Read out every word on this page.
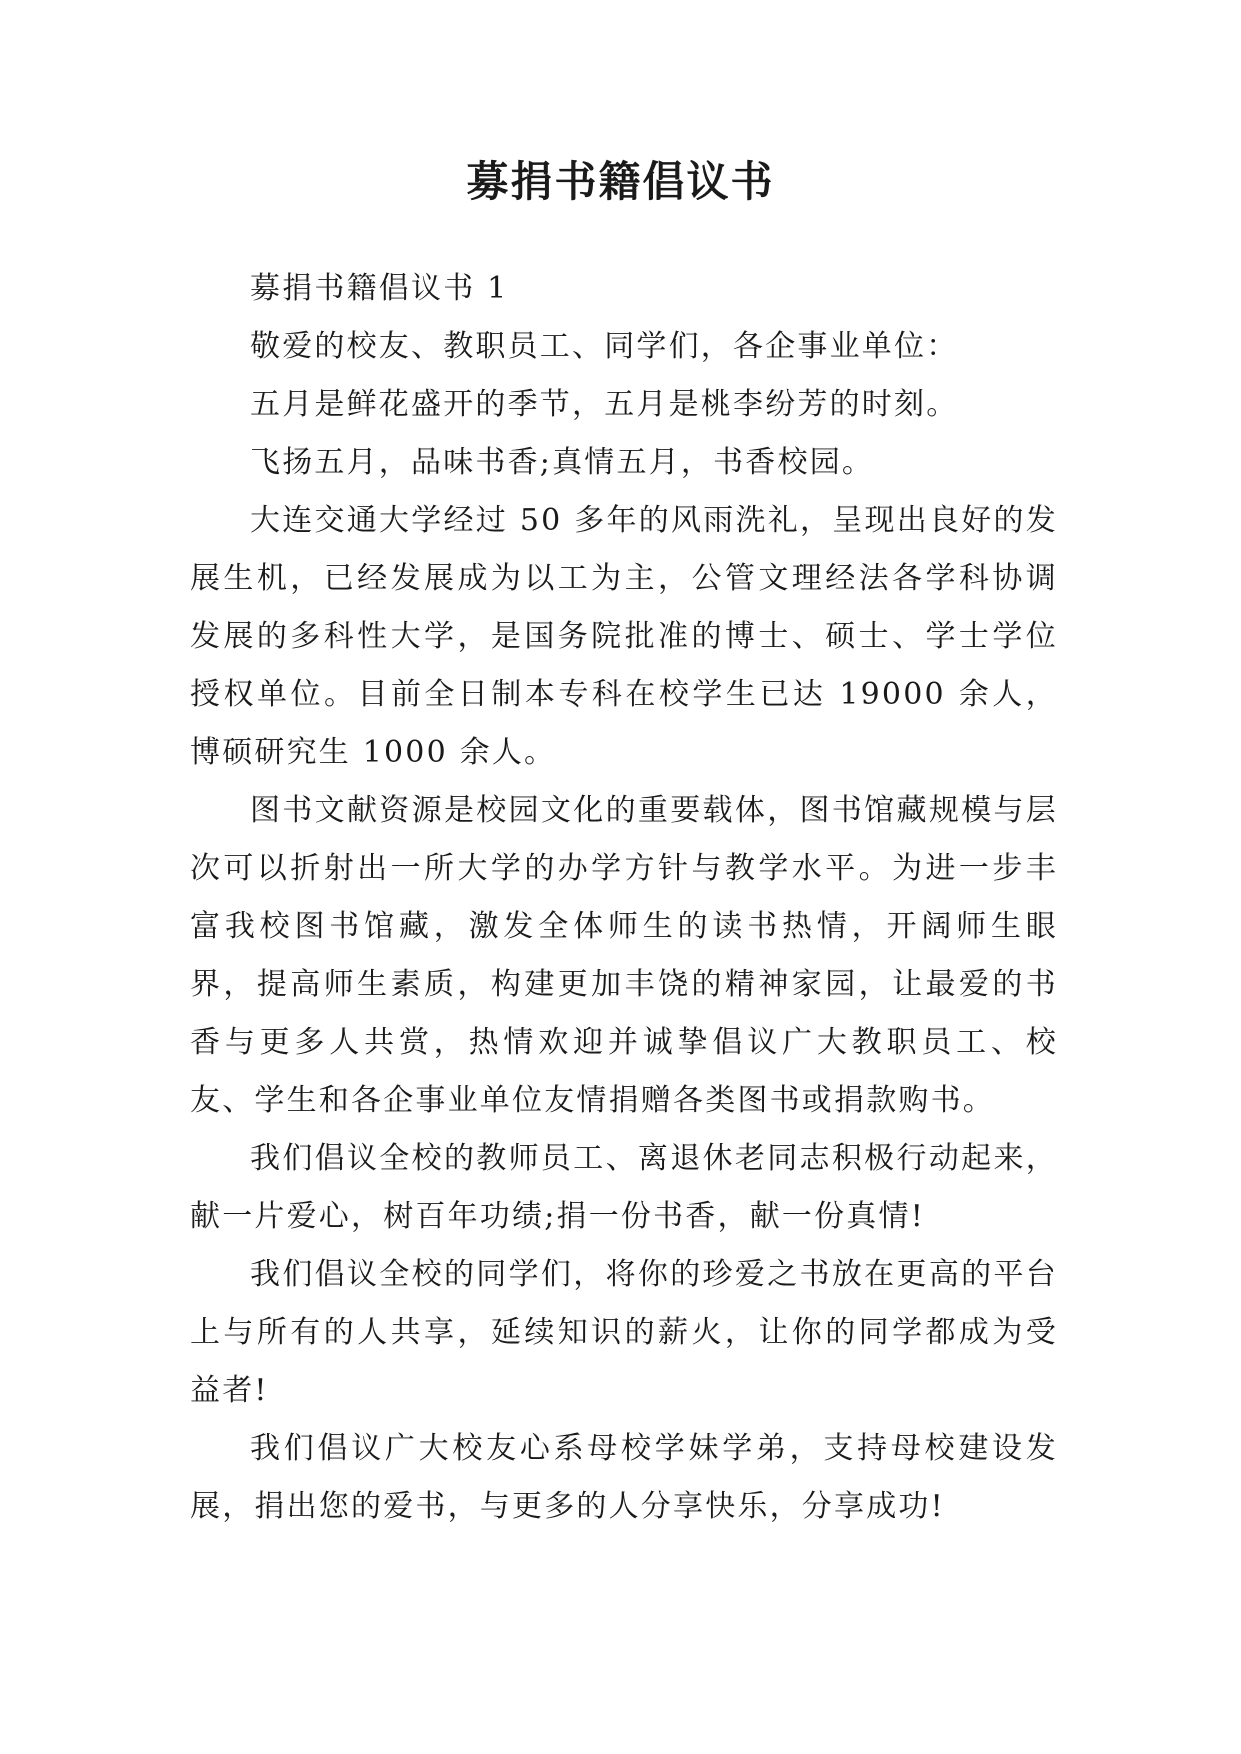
募捐书籍倡议书

募捐书籍倡议书 1

敬爱的校友、教职员工、同学们，各企事业单位：

五月是鲜花盛开的季节，五月是桃李纷芳的时刻。

飞扬五月，品味书香;真情五月，书香校园。

大连交通大学经过 50 多年的风雨洗礼，呈现出良好的发展生机，已经发展成为以工为主，公管文理经法各学科协调发展的多科性大学，是国务院批准的博士、硕士、学士学位授权单位。目前全日制本专科在校学生已达 19000 余人，博硕研究生 1000 余人。

图书文献资源是校园文化的重要载体，图书馆藏规模与层次可以折射出一所大学的办学方针与教学水平。为进一步丰富我校图书馆藏，激发全体师生的读书热情，开阔师生眼界，提高师生素质，构建更加丰饶的精神家园，让最爱的书香与更多人共赏，热情欢迎并诚挚倡议广大教职员工、校友、学生和各企事业单位友情捐赠各类图书或捐款购书。

我们倡议全校的教师员工、离退休老同志积极行动起来，献一片爱心，树百年功绩;捐一份书香，献一份真情!

我们倡议全校的同学们，将你的珍爱之书放在更高的平台上与所有的人共享，延续知识的薪火，让你的同学都成为受益者!

我们倡议广大校友心系母校学妹学弟，支持母校建设发展，捐出您的爱书，与更多的人分享快乐，分享成功!
